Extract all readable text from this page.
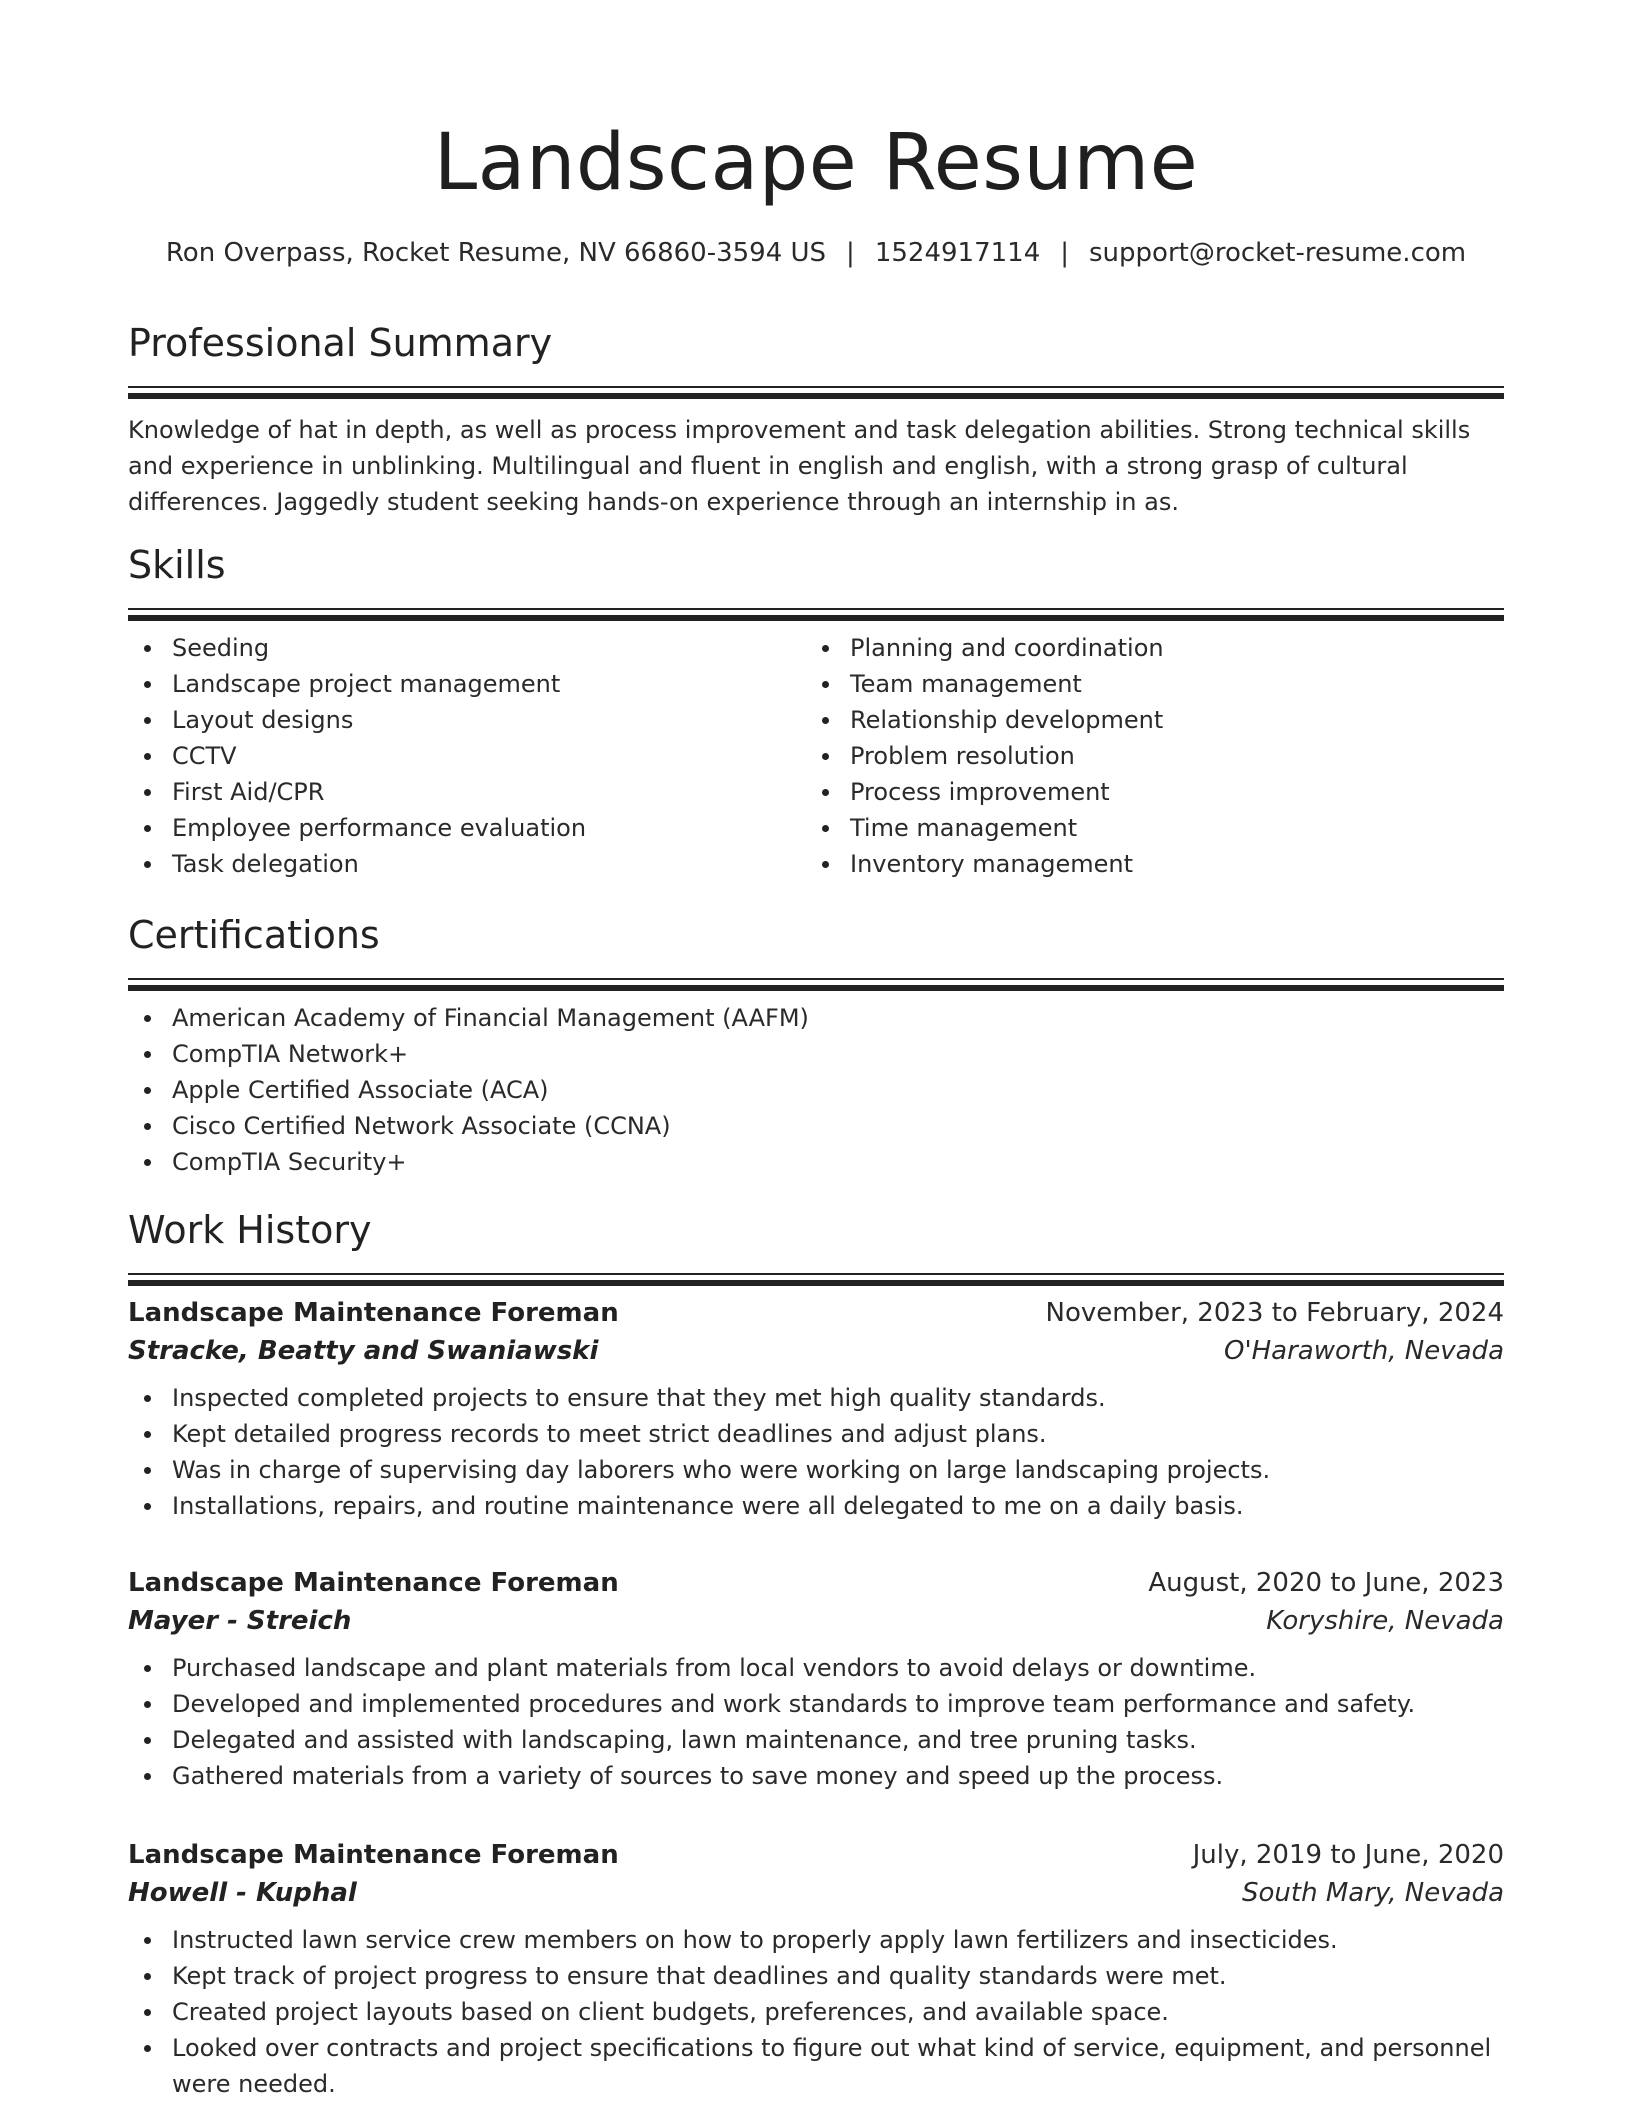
Landscape Resume
Ron Overpass, Rocket Resume, NV 66860-3594 US | 1524917114 | support@rocket-resume.com
Professional Summary

Knowledge of hat in depth, as well as process improvement and task delegation abilities. Strong technical skills and experience in unblinking. Multilingual and fluent in english and english, with a strong grasp of cultural differences. Jaggedly student seeking hands-on experience through an internship in as.

Skills
Seeding
Landscape project management
Layout designs
CCTV
First Aid/CPR
Employee performance evaluation
Task delegation
Planning and coordination
Team management
Relationship development
Problem resolution
Process improvement
Time management
Inventory management
Certifications
American Academy of Financial Management (AAFM)
CompTIA Network+
Apple Certified Associate (ACA)
Cisco Certified Network Associate (CCNA)
CompTIA Security+
Work History
Landscape Maintenance Foreman	November, 2023 to February, 2024
Stracke, Beatty and Swaniawski	O'Haraworth, Nevada
Inspected completed projects to ensure that they met high quality standards.
Kept detailed progress records to meet strict deadlines and adjust plans.
Was in charge of supervising day laborers who were working on large landscaping projects.
Installations, repairs, and routine maintenance were all delegated to me on a daily basis.
Landscape Maintenance Foreman	August, 2020 to June, 2023
Mayer - Streich	Koryshire, Nevada
Purchased landscape and plant materials from local vendors to avoid delays or downtime.
Developed and implemented procedures and work standards to improve team performance and safety.
Delegated and assisted with landscaping, lawn maintenance, and tree pruning tasks.
Gathered materials from a variety of sources to save money and speed up the process.
Landscape Maintenance Foreman	July, 2019 to June, 2020
Howell - Kuphal	South Mary, Nevada
Instructed lawn service crew members on how to properly apply lawn fertilizers and insecticides.
Kept track of project progress to ensure that deadlines and quality standards were met.
Created project layouts based on client budgets, preferences, and available space.
Looked over contracts and project specifications to figure out what kind of service, equipment, and personnel were needed.
